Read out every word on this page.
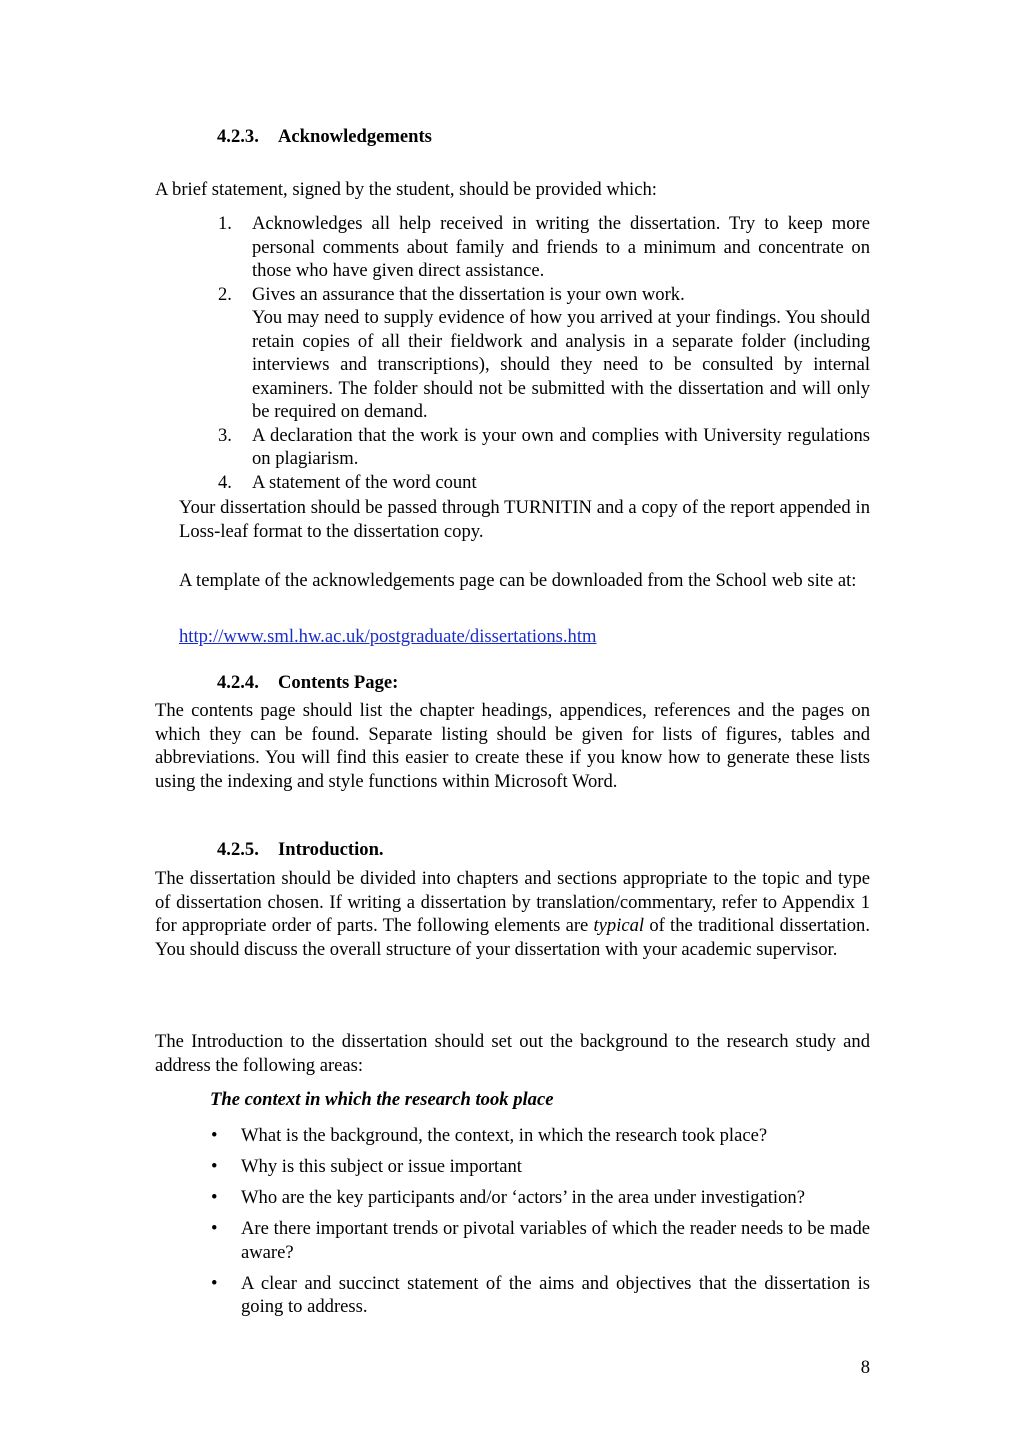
4.2.3. Acknowledgements

A brief statement, signed by the student, should be provided which:

1. Acknowledges all help received in writing the dissertation. Try to keep more personal comments about family and friends to a minimum and concentrate on those who have given direct assistance.
2. Gives an assurance that the dissertation is your own work.
You may need to supply evidence of how you arrived at your findings. You should retain copies of all their fieldwork and analysis in a separate folder (including interviews and transcriptions), should they need to be consulted by internal examiners. The folder should not be submitted with the dissertation and will only be required on demand.
3. A declaration that the work is your own and complies with University regulations on plagiarism.
4. A statement of the word count

Your dissertation should be passed through TURNITIN and a copy of the report appended in Loss-leaf format to the dissertation copy.

A template of the acknowledgements page can be downloaded from the School web site at:

http://www.sml.hw.ac.uk/postgraduate/dissertations.htm
4.2.4. Contents Page:

The contents page should list the chapter headings, appendices, references and the pages on which they can be found. Separate listing should be given for lists of figures, tables and abbreviations. You will find this easier to create these if you know how to generate these lists using the indexing and style functions within Microsoft Word.

4.2.5. Introduction.

The dissertation should be divided into chapters and sections appropriate to the topic and type of dissertation chosen. If writing a dissertation by translation/commentary, refer to Appendix 1 for appropriate order of parts. The following elements are typical of the traditional dissertation. You should discuss the overall structure of your dissertation with your academic supervisor.

The Introduction to the dissertation should set out the background to the research study and address the following areas:

The context in which the research took place

• What is the background, the context, in which the research took place?
• Why is this subject or issue important
• Who are the key participants and/or ‘actors’ in the area under investigation?
• Are there important trends or pivotal variables of which the reader needs to be made aware?
• A clear and succinct statement of the aims and objectives that the dissertation is going to address.
8
